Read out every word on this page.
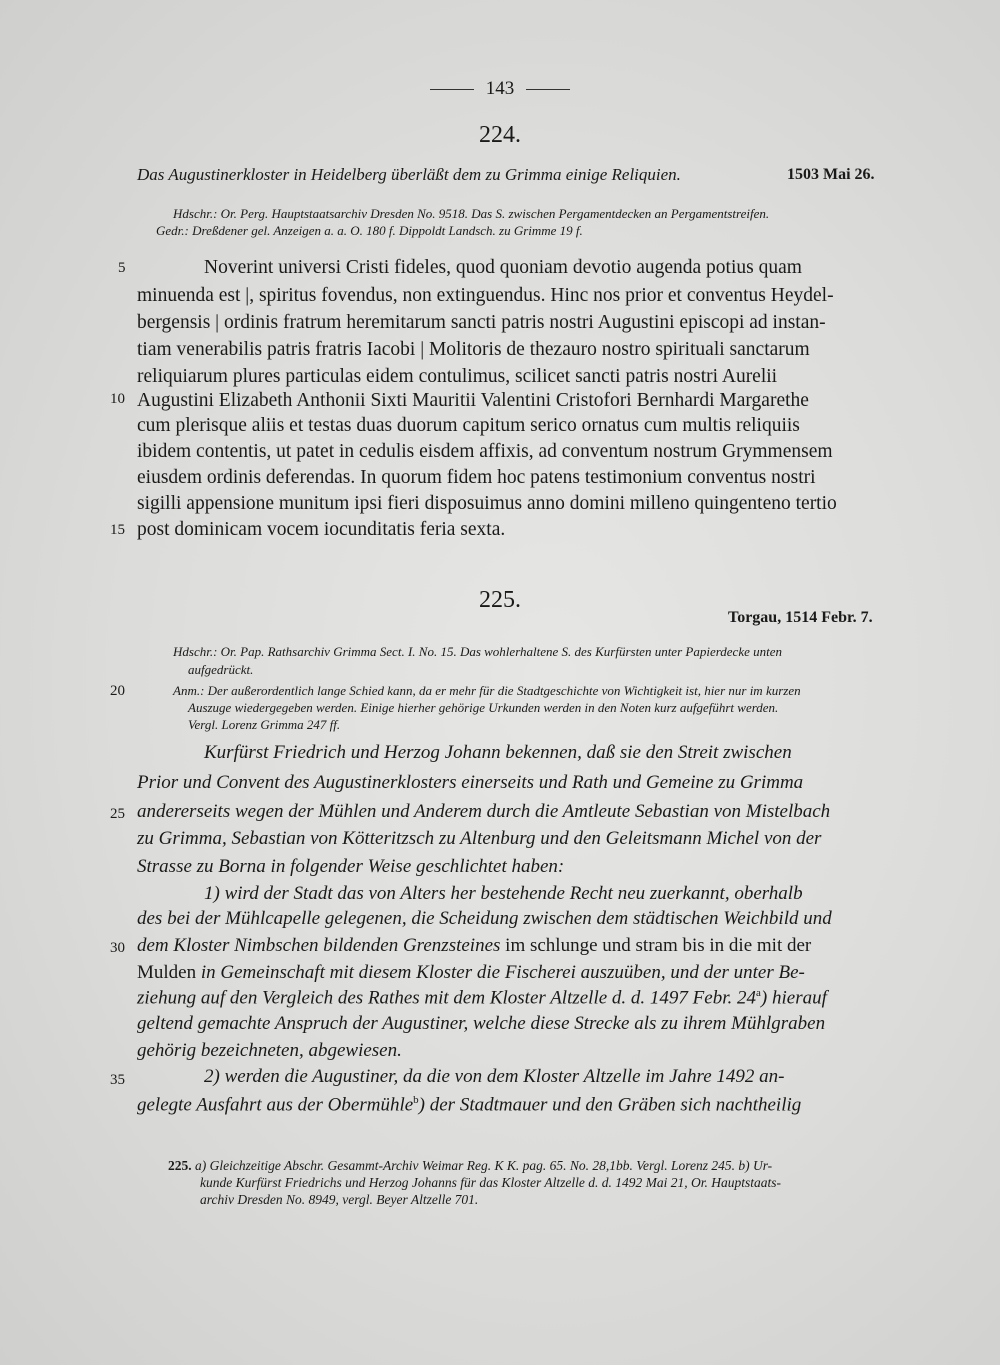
143
224.
Das Augustinerkloster in Heidelberg überläßt dem zu Grimma einige Reliquien.	1503 Mai 26.
Hdschr.: Or. Perg. Hauptstaatsarchiv Dresden No. 9518. Das S. zwischen Pergamentdecken an Pergamentstreifen.
Gedr.: Dreßdener gel. Anzeigen a. a. O. 180 f. Dippoldt Landsch. zu Grimme 19 f.
Noverint universi Cristi fideles, quod quoniam devotio augenda potius quam
minuenda est |, spiritus fovendus, non extinguendus. Hinc nos prior et conventus Heydel-
bergensis | ordinis fratrum heremitarum sancti patris nostri Augustini episcopi ad instan-
tiam venerabilis patris fratris Iacobi | Molitoris de thezauro nostro spirituali sanctarum
reliquiarum plures particulas eidem contulimus, scilicet sancti patris nostri Aurelii
Augustini Elizabeth Anthonii Sixti Mauritii Valentini Cristofori Bernhardi Margarethe
cum plerisque aliis et testas duas duorum capitum serico ornatus cum multis reliquiis
ibidem contentis, ut patet in cedulis eisdem affixis, ad conventum nostrum Grymmensem
eiusdem ordinis deferendas. In quorum fidem hoc patens testimonium conventus nostri
sigilli appensione munitum ipsi fieri disposuimus anno domini milleno quingenteno tertio
post dominicam vocem iocunditatis feria sexta.
225.
Torgau, 1514 Febr. 7.
Hdschr.: Or. Pap. Rathsarchiv Grimma Sect. I. No. 15. Das wohlerhaltene S. des Kurfürsten unter Papierdecke unten
aufgedrückt.
Anm.: Der außerordentlich lange Schied kann, da er mehr für die Stadtgeschichte von Wichtigkeit ist, hier nur im kurzen
Auszuge wiedergegeben werden. Einige hierher gehörige Urkunden werden in den Noten kurz aufgeführt werden.
Vergl. Lorenz Grimma 247 ff.
Kurfürst Friedrich und Herzog Johann bekennen, daß sie den Streit zwischen
Prior und Convent des Augustinerklosters einerseits und Rath und Gemeine zu Grimma
andererseits wegen der Mühlen und Anderem durch die Amtleute Sebastian von Mistelbach
zu Grimma, Sebastian von Kötteritzsch zu Altenburg und den Geleitsmann Michel von der
Strasse zu Borna in folgender Weise geschlichtet haben:
1) wird der Stadt das von Alters her bestehende Recht neu zuerkannt, oberhalb
des bei der Mühlcapelle gelegenen, die Scheidung zwischen dem städtischen Weichbild und
dem Kloster Nimbschen bildenden Grenzsteines im schlunge und stram bis in die mit der
Mulden in Gemeinschaft mit diesem Kloster die Fischerei auszuüben, und der unter Be-
ziehung auf den Vergleich des Rathes mit dem Kloster Altzelle d. d. 1497 Febr. 24$^a$) hierauf
geltend gemachte Anspruch der Augustiner, welche diese Strecke als zu ihrem Mühlgraben
gehörig bezeichneten, abgewiesen.
2) werden die Augustiner, da die von dem Kloster Altzelle im Jahre 1492 an-
gelegte Ausfahrt aus der Obermühle$^b$) der Stadtmauer und den Gräben sich nachtheilig
5
10
15
20
25
30
35
225. a) Gleichzeitige Abschr. Gesammt-Archiv Weimar Reg. K K. pag. 65. No. 28,1bb. Vergl. Lorenz 245. b) Ur-
kunde Kurfürst Friedrichs und Herzog Johanns für das Kloster Altzelle d. d. 1492 Mai 21, Or. Hauptstaats-
archiv Dresden No. 8949, vergl. Beyer Altzelle 701.
